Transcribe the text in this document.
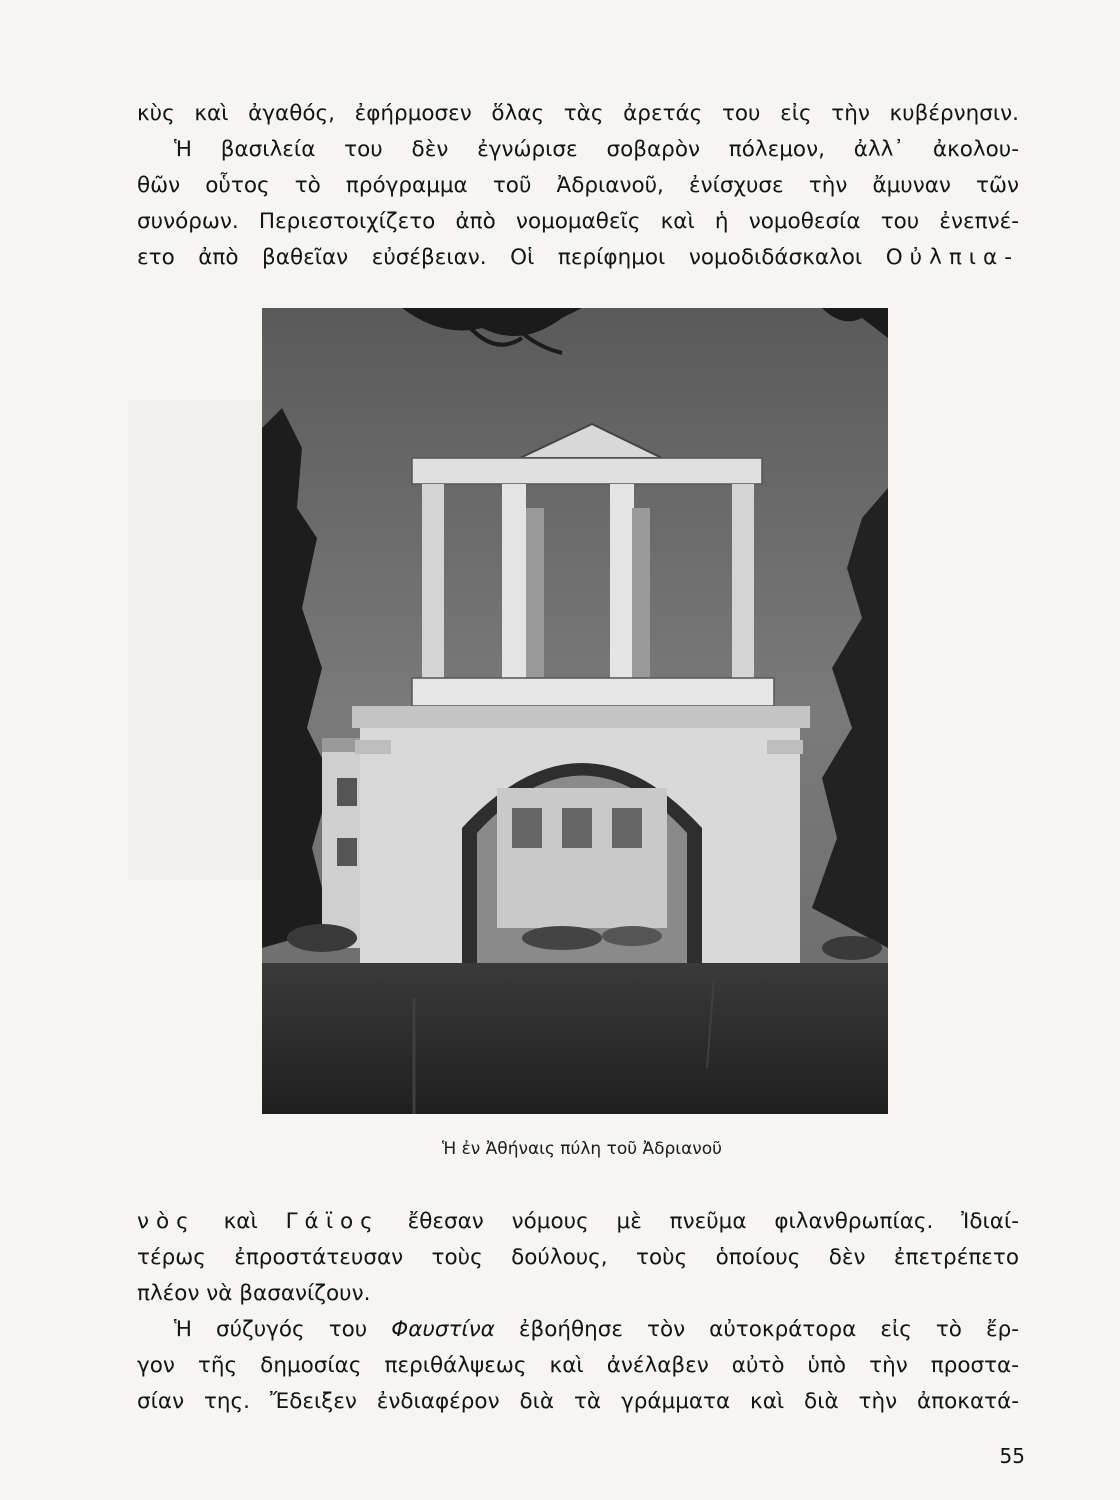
κὺς καὶ ἀγαθός, ἐφήρμοσεν ὅλας τὰς ἀρετάς του εἰς τὴν κυβέρνησιν.
Ἡ βασιλεία του δὲν ἐγνώρισε σοβαρὸν πόλεμον, ἀλλ᾽ ἀκολου-
θῶν οὗτος τὸ πρόγραμμα τοῦ Ἀδριανοῦ, ἐνίσχυσε τὴν ἄμυναν τῶν
συνόρων. Περιεστοιχίζετο ἀπὸ νομομαθεῖς καὶ ἡ νομοθεσία του ἐνεπνέ-
ετο ἀπὸ βαθεῖαν εὐσέβειαν. Οἱ περίφημοι νομοδιδάσκαλοι Οὐλπια-
Ἡ ἐν Ἀθήναις πύλη τοῦ Ἀδριανοῦ
νὸς καὶ Γάϊος ἔθεσαν νόμους μὲ πνεῦμα φιλανθρωπίας. Ἰδιαί-
τέρως ἐπροστάτευσαν τοὺς δούλους, τοὺς ὁποίους δὲν ἐπετρέπετο
πλέον νὰ βασανίζουν.
Ἡ σύζυγός του Φαυστίνα ἐβοήθησε τὸν αὐτοκράτορα εἰς τὸ ἔρ-
γον τῆς δημοσίας περιθάλψεως καὶ ἀνέλαβεν αὐτὸ ὑπὸ τὴν προστα-
σίαν της. Ἔδειξεν ἐνδιαφέρον διὰ τὰ γράμματα καὶ διὰ τὴν ἀποκατά-
55
